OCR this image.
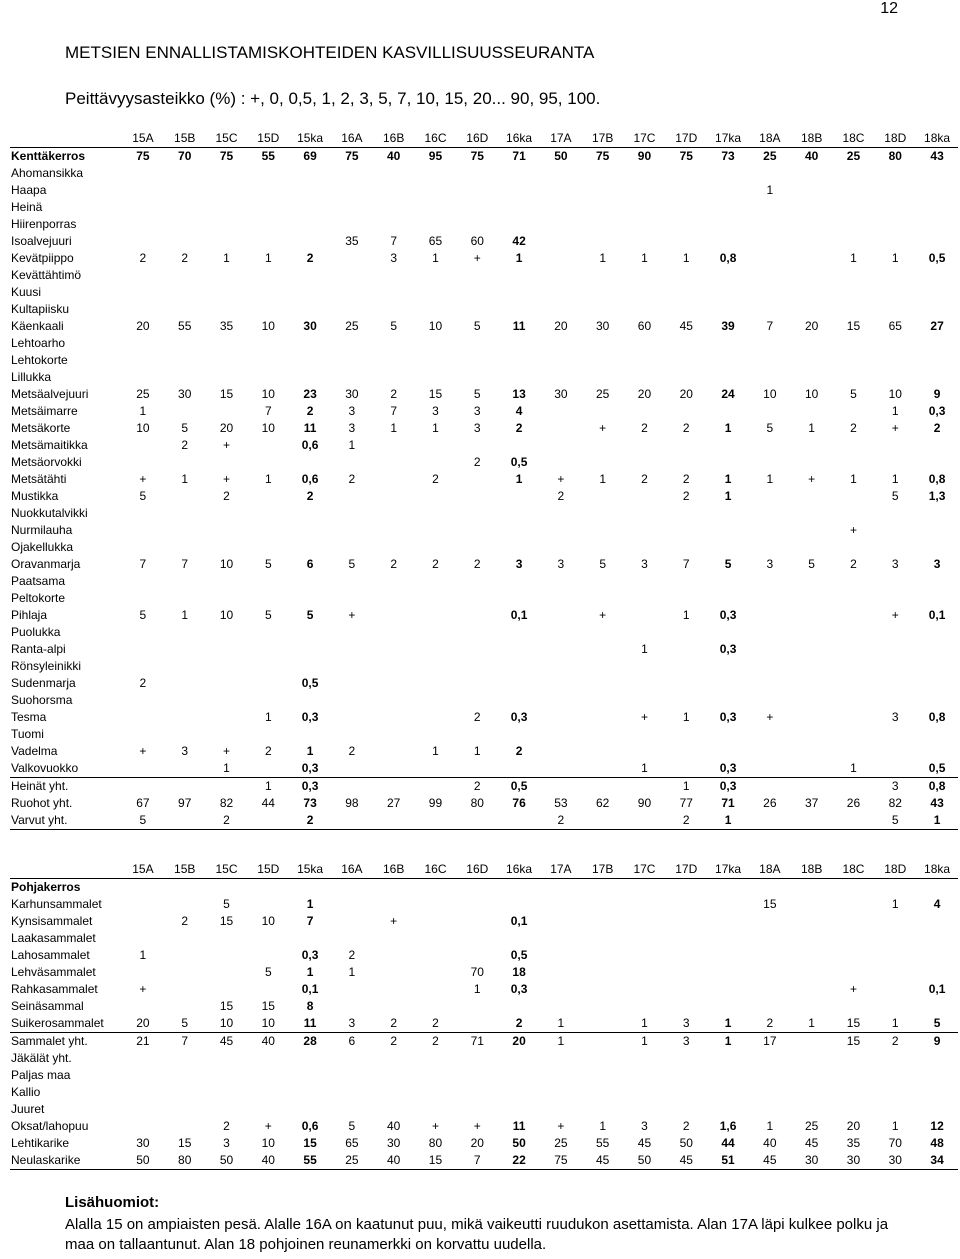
12
METSIEN ENNALLISTAMISKOHTEIDEN KASVILLISUUSSEURANTA
Peittävyysasteikko (%) : +, 0, 0,5, 1, 2, 3, 5, 7, 10, 15, 20... 90, 95, 100.
	15A	15B	15C	15D	15ka	16A	16B	16C	16D	16ka	17A	17B	17C	17D	17ka	18A	18B	18C	18D	18ka
Kenttäkerros	75	70	75	55	69	75	40	95	75	71	50	75	90	75	73	25	40	25	80	43
Ahomansikka																				
Haapa																1				
Heinä																				
Hiirenporras																				
Isoalvejuuri						35	7	65	60	42										
Kevätpiippo	2	2	1	1	2		3	1	+	1		1	1	1	0,8			1	1	0,5
Kevättähtimö																				
Kuusi																				
Kultapiisku																				
Käenkaali	20	55	35	10	30	25	5	10	5	11	20	30	60	45	39	7	20	15	65	27
Lehtoarho																				
Lehtokorte																				
Lillukka																				
Metsäalvejuuri	25	30	15	10	23	30	2	15	5	13	30	25	20	20	24	10	10	5	10	9
Metsäimarre	1			7	2	3	7	3	3	4									1	0,3
Metsäkorte	10	5	20	10	11	3	1	1	3	2		+	2	2	1	5	1	2	+	2
Metsämaitikka		2	+		0,6	1														
Metsäorvokki									2	0,5										
Metsätähti	+	1	+	1	0,6	2		2		1	+	1	2	2	1	1	+	1	1	0,8
Mustikka	5		2		2						2			2	1				5	1,3
Nuokkutalvikki																				
Nurmilauha																		+		
Ojakellukka																				
Oravanmarja	7	7	10	5	6	5	2	2	2	3	3	5	3	7	5	3	5	2	3	3
Paatsama																				
Peltokorte																				
Pihlaja	5	1	10	5	5	+				0,1		+		1	0,3				+	0,1
Puolukka																				
Ranta-alpi													1		0,3					
Rönsyleinikki																				
Sudenmarja	2				0,5															
Suohorsma																				
Tesma				1	0,3				2	0,3			+	1	0,3	+			3	0,8
Tuomi																				
Vadelma	+	3	+	2	1	2		1	1	2										
Valkovuokko			1		0,3								1		0,3			1		0,5
Heinät yht.				1	0,3				2	0,5				1	0,3				3	0,8
Ruohot yht.	67	97	82	44	73	98	27	99	80	76	53	62	90	77	71	26	37	26	82	43
Varvut yht.	5		2		2						2			2	1				5	1
	15A	15B	15C	15D	15ka	16A	16B	16C	16D	16ka	17A	17B	17C	17D	17ka	18A	18B	18C	18D	18ka
Pohjakerros																				
Karhunsammalet			5		1											15			1	4
Kynsisammalet		2	15	10	7		+			0,1										
Laakasammalet																				
Lahosammalet	1				0,3	2				0,5										
Lehväsammalet				5	1	1			70	18										
Rahkasammalet	+				0,1				1	0,3								+		0,1
Seinäsammal			15	15	8															
Suikerosammalet	20	5	10	10	11	3	2	2		2	1		1	3	1	2	1	15	1	5
Sammalet yht.	21	7	45	40	28	6	2	2	71	20	1		1	3	1	17		15	2	9
Jäkälät yht.																				
Paljas maa																				
Kallio																				
Juuret																				
Oksat/lahopuu			2	+	0,6	5	40	+	+	11	+	1	3	2	1,6	1	25	20	1	12
Lehtikarike	30	15	3	10	15	65	30	80	20	50	25	55	45	50	44	40	45	35	70	48
Neulaskarike	50	80	50	40	55	25	40	15	7	22	75	45	50	45	51	45	30	30	30	34
Lisähuomiot:
Alalla 15 on ampiaisten pesä. Alalle 16A on kaatunut puu, mikä vaikeutti ruudukon asettamista. Alan 17A läpi kulkee polku ja maa on tallaantunut. Alan 18 pohjoinen reunamerkki on korvattu uudella.
